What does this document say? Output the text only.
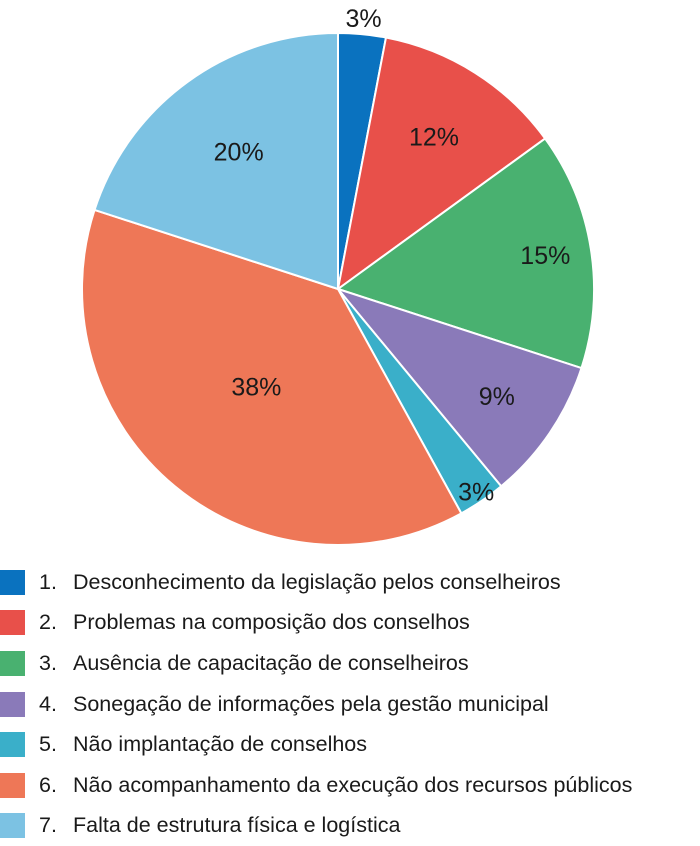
3%
12%
15%
9%
3%
38%
20%
1. Desconhecimento da legislação pelos conselheiros
2. Problemas na composição dos conselhos
3. Ausência de capacitação de conselheiros
4. Sonegação de informações pela gestão municipal
5. Não implantação de conselhos
6. Não acompanhamento da execução dos recursos públicos
7. Falta de estrutura física e logística
